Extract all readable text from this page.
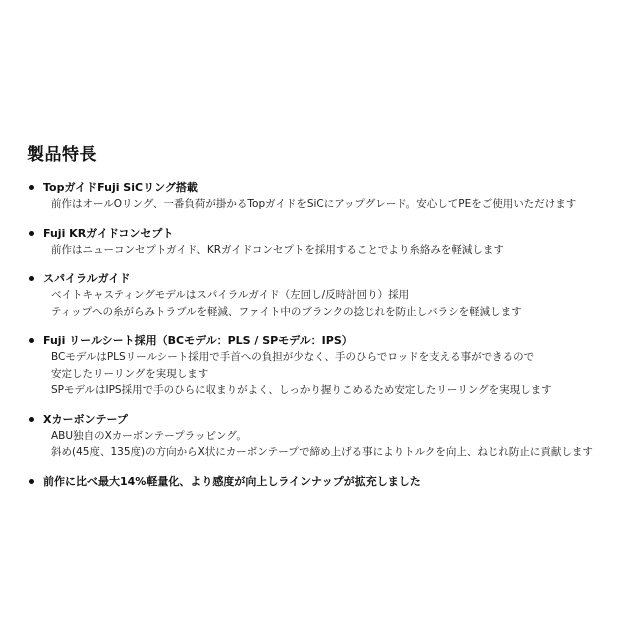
製品特長
TopガイドFuji SiCリング搭載
前作はオールOリング、一番負荷が掛かるTopガイドをSiCにアップグレード。安心してPEをご使用いただけます
Fuji KRガイドコンセプト
前作はニューコンセプトガイド、KRガイドコンセプトを採用することでより糸絡みを軽減します
スパイラルガイド
ベイトキャスティングモデルはスパイラルガイド（左回し/反時計回り）採用
ティップへの糸がらみトラブルを軽減、ファイト中のブランクの捻じれを防止しバラシを軽減します
Fuji リールシート採用（BCモデル：PLS / SPモデル：IPS）
BCモデルはPLSリールシート採用で手首への負担が少なく、手のひらでロッドを支える事ができるので
安定したリーリングを実現します
SPモデルはIPS採用で手のひらに収まりがよく、しっかり握りこめるため安定したリーリングを実現します
Xカーボンテープ
ABU独自のXカーボンテープラッピング。
斜め(45度、135度)の方向からX状にカーボンテープで締め上げる事によりトルクを向上、ねじれ防止に貢献します
前作に比べ最大14%軽量化、より感度が向上しラインナップが拡充しました
